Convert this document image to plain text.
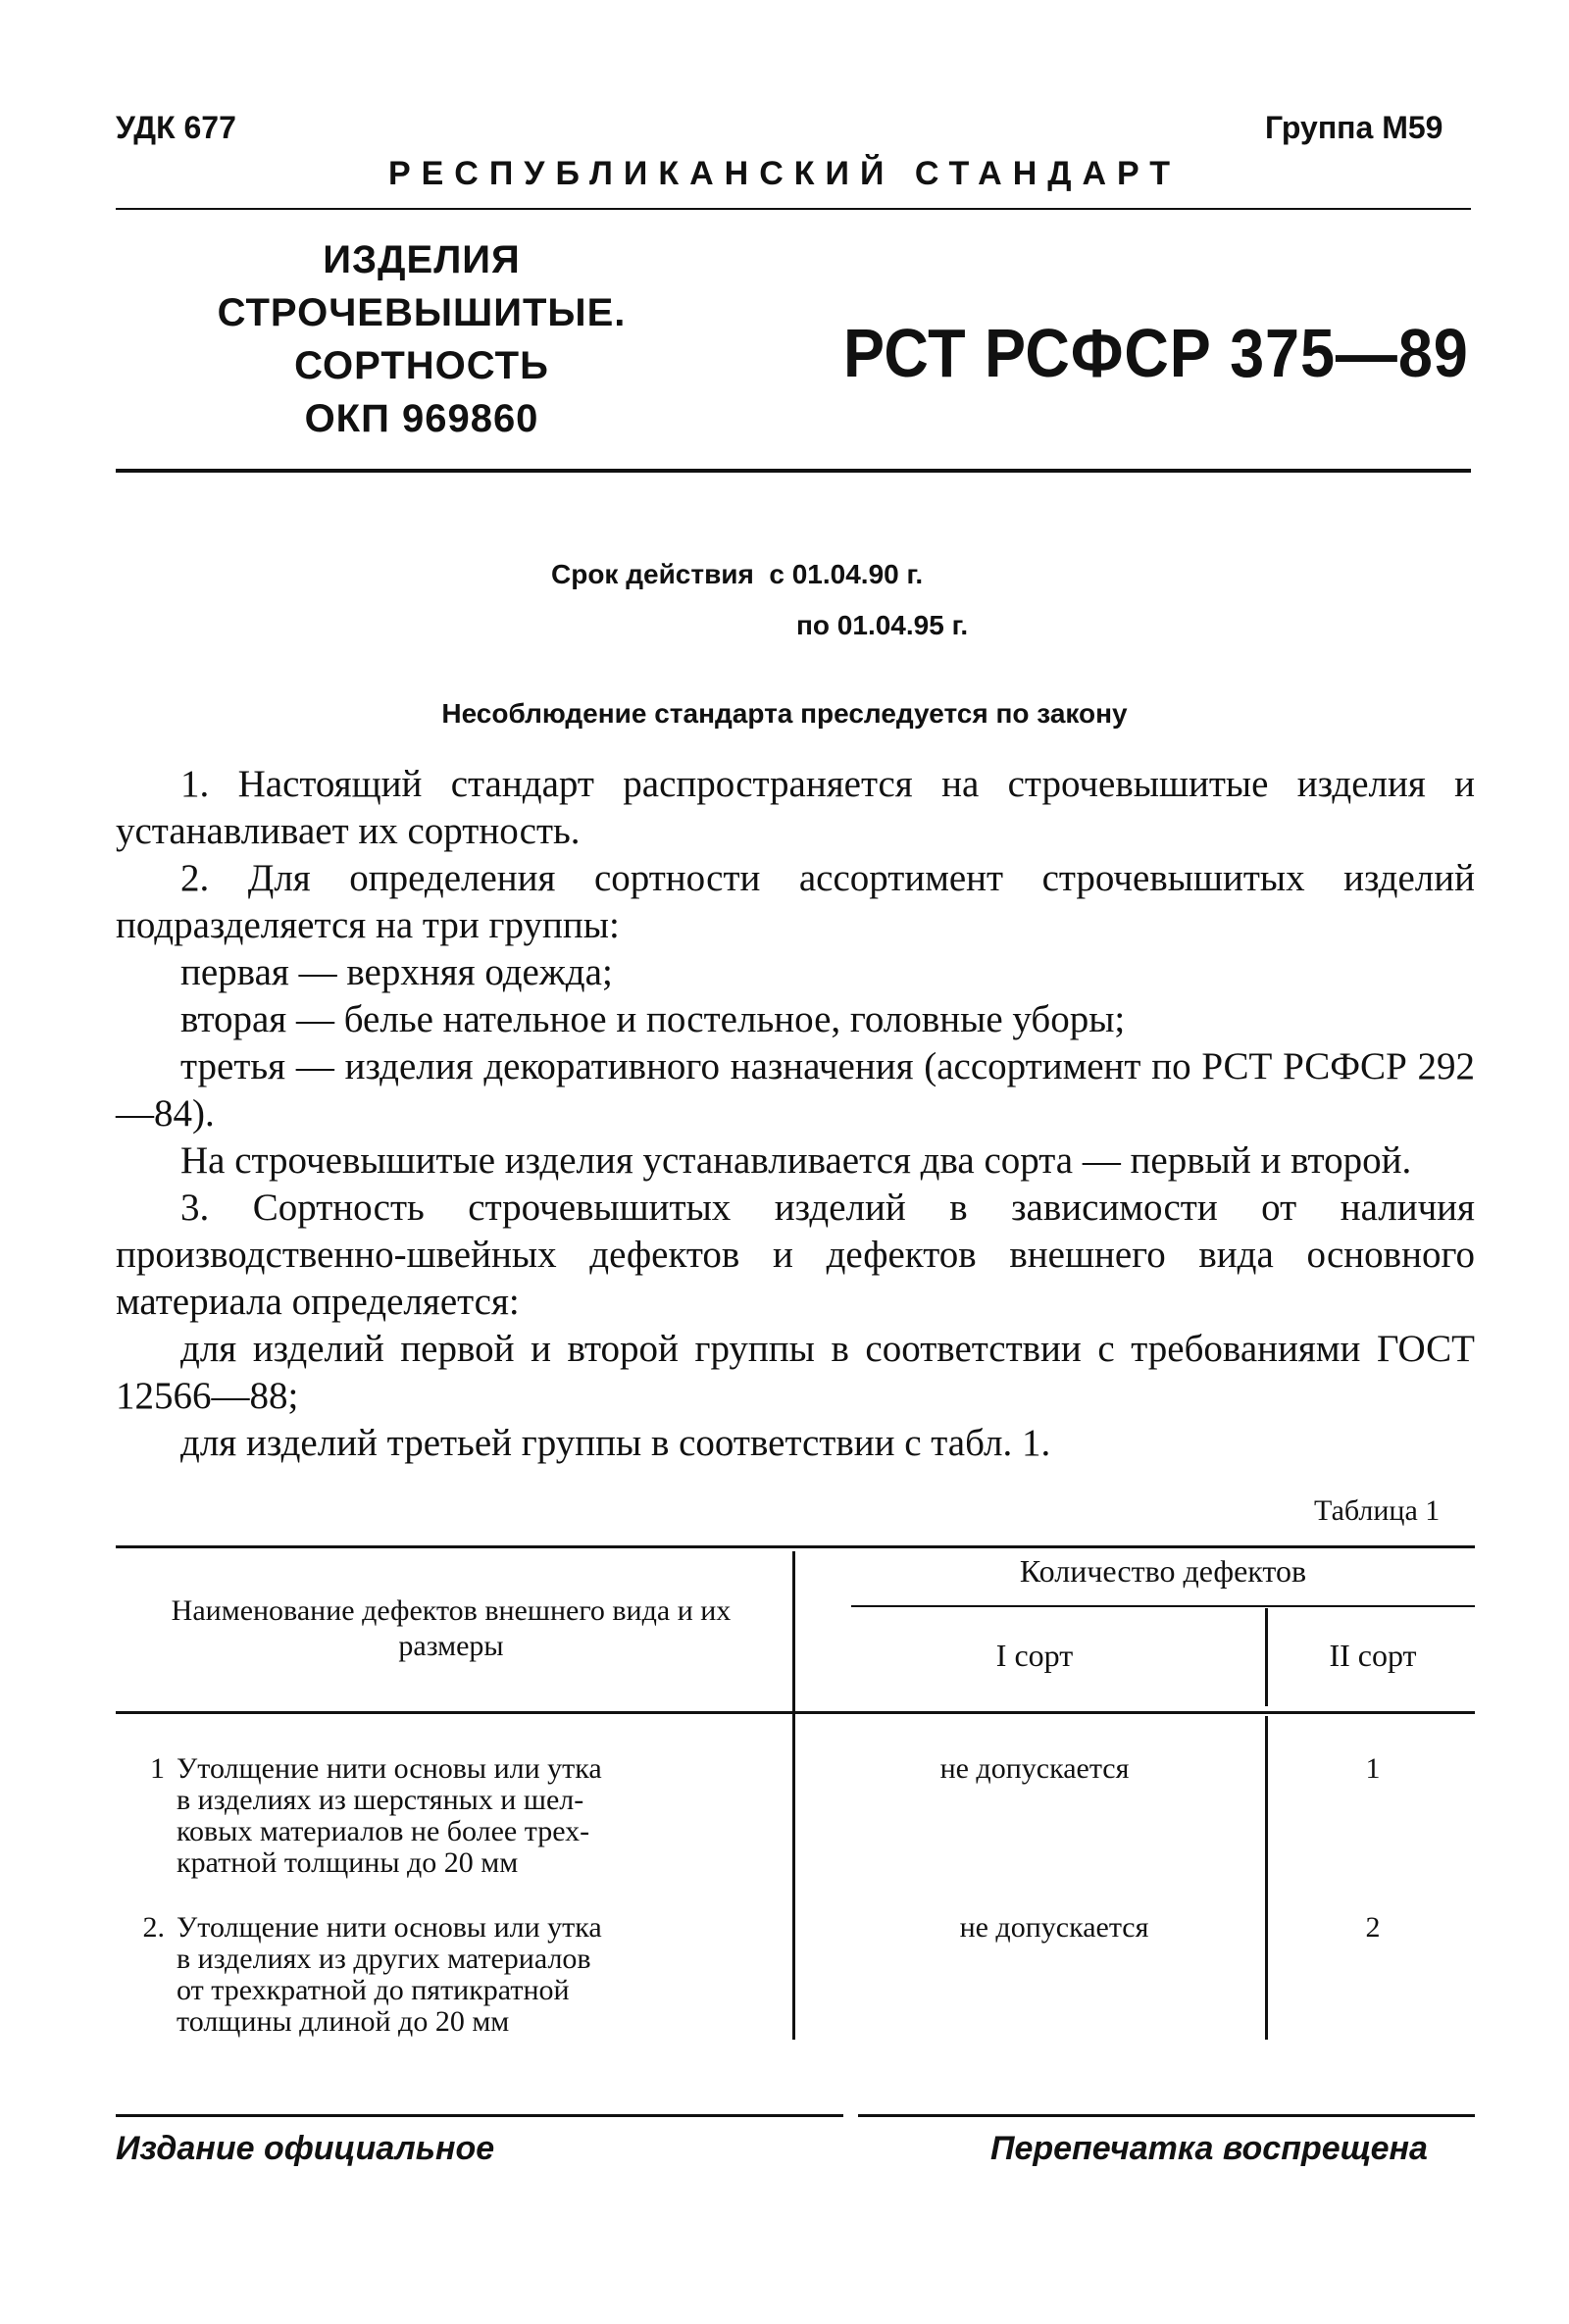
УДК 677	Группа М59
РЕСПУБЛИКАНСКИЙ СТАНДАРТ
ИЗДЕЛИЯ
СТРОЧЕВЫШИТЫЕ.
СОРТНОСТЬ
ОКП 969860
РСТ РСФСР 375—89
Срок действия  с 01.04.90 г.
по 01.04.95 г.
Несоблюдение стандарта преследуется по закону

1. Настоящий стандарт распространяется на строчевышитые изделия и устанавливает их сортность.

2. Для определения сортности ассортимент строчевышитых изделий подразделяется на три группы:

первая — верхняя одежда;

вторая — белье нательное и постельное, головные уборы;

третья — изделия декоративного назначения (ассортимент по РСТ РСФСР 292—84).

На строчевышитые изделия устанавливается два сорта — первый и второй.

3. Сортность строчевышитых изделий в зависимости от наличия производственно-швейных дефектов и дефектов внешнего вида основного материала определяется:

для изделий первой и второй группы в соответствии с требованиями ГОСТ 12566—88;

для изделий третьей группы в соответствии с табл. 1.

Таблица 1
Наименование дефектов внешнего вида и их размеры
Количество дефектов
I сорт	II сорт
1 Утолщение нити основы или утка
в изделиях из шерстяных и шел-
ковых материалов не более трех-
кратной толщины до 20 мм
не допускается	1
2. Утолщение нити основы или утка
в изделиях из других материалов
от трехкратной до пятикратной
толщины длиной до 20 мм
не допускается	2
Издание официальное	Перепечатка воспрещена
